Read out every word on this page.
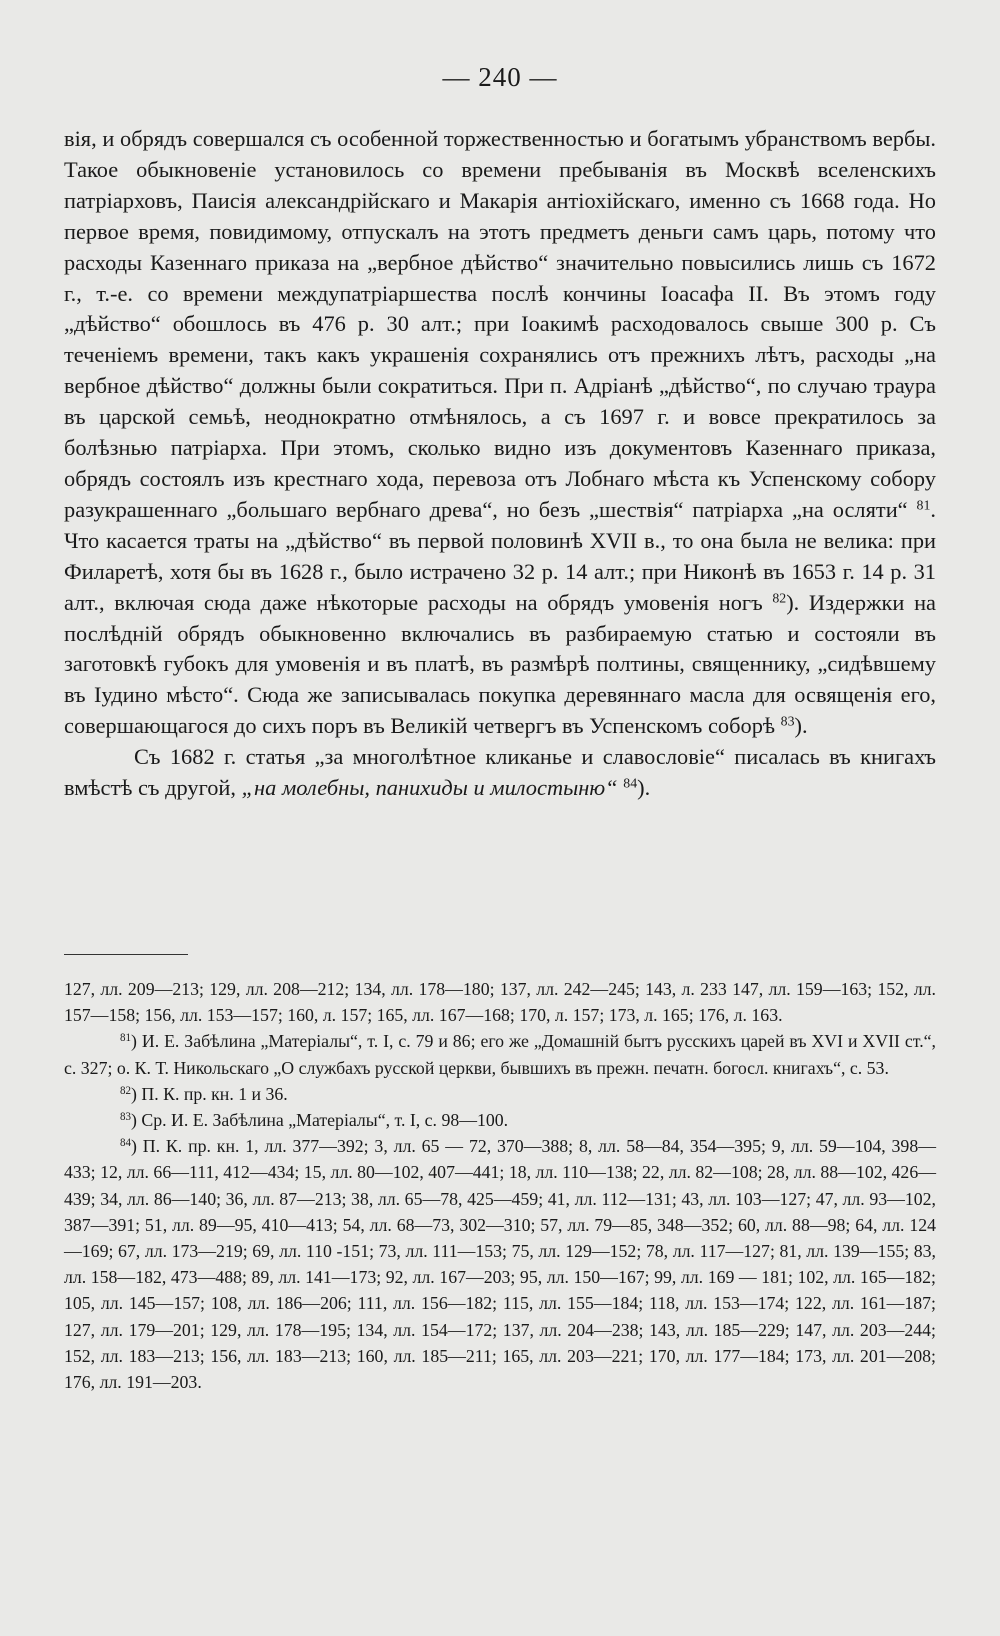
— 240 —

вія, и обрядъ совершался съ особенной торжественностью и богатымъ убранствомъ вербы. Такое обыкновеніе установилось со времени пребыванія въ Москвѣ вселенскихъ патріарховъ, Паисія александрійскаго и Макарія антіохійскаго, именно съ 1668 года. Но первое время, повидимому, отпускалъ на этотъ предметъ деньги самъ царь, потому что расходы Казеннаго приказа на „вербное дѣйство“ значительно повысились лишь съ 1672 г., т.-е. со времени междупатріаршества послѣ кончины Іоасафа II. Въ этомъ году „дѣйство“ обошлось въ 476 р. 30 алт.; при Іоакимѣ расходовалось свыше 300 р. Съ теченіемъ времени, такъ какъ украшенія сохранялись отъ прежнихъ лѣтъ, расходы „на вербное дѣйство“ должны были сократиться. При п. Адріанѣ „дѣйство“, по случаю траура въ царской семьѣ, неоднократно отмѣнялось, а съ 1697 г. и вовсе прекратилось за болѣзнью патріарха. При этомъ, сколько видно изъ документовъ Казеннаго приказа, обрядъ состоялъ изъ крестнаго хода, перевоза отъ Лобнаго мѣста къ Успенскому собору разукрашеннаго „большаго вербнаго древа“, но безъ „шествія“ патріарха „на осляти“ $^{81}$. Что касается траты на „дѣйство“ въ первой половинѣ XVII в., то она была не велика: при Филаретѣ, хотя бы въ 1628 г., было истрачено 32 р. 14 алт.; при Никонѣ въ 1653 г. 14 р. 31 алт., включая сюда даже нѣкоторые расходы на обрядъ умовенія ногъ $^{82}$). Издержки на послѣдній обрядъ обыкновенно включались въ разбираемую статью и состояли въ заготовкѣ губокъ для умовенія и въ платѣ, въ размѣрѣ полтины, священнику, „сидѣвшему въ Іудино мѣсто“. Сюда же записывалась покупка деревяннаго масла для освященія его, совершающагося до сихъ поръ въ Великій четвергъ въ Успенскомъ соборѣ $^{83}$).

Съ 1682 г. статья „за многолѣтное кликанье и славословіе“ писалась въ книгахъ вмѣстѣ съ другой, „на молебны, панихиды и милостыню“ $^{84}$).

127, лл. 209—213; 129, лл. 208—212; 134, лл. 178—180; 137, лл. 242—245; 143, л. 233 147, лл. 159—163; 152, лл. 157—158; 156, лл. 153—157; 160, л. 157; 165, лл. 167—168; 170, л. 157; 173, л. 165; 176, л. 163.

$^{81}$) И. Е. Забѣлина „Матеріалы“, т. I, с. 79 и 86; его же „Домашній бытъ русскихъ царей въ XVI и XVII ст.“, с. 327; о. К. Т. Никольскаго „О службахъ русской церкви, бывшихъ въ прежн. печатн. богосл. книгахъ“, с. 53.

$^{82}$) П. К. пр. кн. 1 и 36.

$^{83}$) Ср. И. Е. Забѣлина „Матеріалы“, т. I, с. 98—100.

$^{84}$) П. К. пр. кн. 1, лл. 377—392; 3, лл. 65 — 72, 370—388; 8, лл. 58—84, 354—395; 9, лл. 59—104, 398—433; 12, лл. 66—111, 412—434; 15, лл. 80—102, 407—441; 18, лл. 110—138; 22, лл. 82—108; 28, лл. 88—102, 426—439; 34, лл. 86—140; 36, лл. 87—213; 38, лл. 65—78, 425—459; 41, лл. 112—131; 43, лл. 103—127; 47, лл. 93—102, 387—391; 51, лл. 89—95, 410—413; 54, лл. 68—73, 302—310; 57, лл. 79—85, 348—352; 60, лл. 88—98; 64, лл. 124—169; 67, лл. 173—219; 69, лл. 110 -151; 73, лл. 111—153; 75, лл. 129—152; 78, лл. 117—127; 81, лл. 139—155; 83, лл. 158—182, 473—488; 89, лл. 141—173; 92, лл. 167—203; 95, лл. 150—167; 99, лл. 169 — 181; 102, лл. 165—182; 105, лл. 145—157; 108, лл. 186—206; 111, лл. 156—182; 115, лл. 155—184; 118, лл. 153—174; 122, лл. 161—187; 127, лл. 179—201; 129, лл. 178—195; 134, лл. 154—172; 137, лл. 204—238; 143, лл. 185—229; 147, лл. 203—244; 152, лл. 183—213; 156, лл. 183—213; 160, лл. 185—211; 165, лл. 203—221; 170, лл. 177—184; 173, лл. 201—208; 176, лл. 191—203.
